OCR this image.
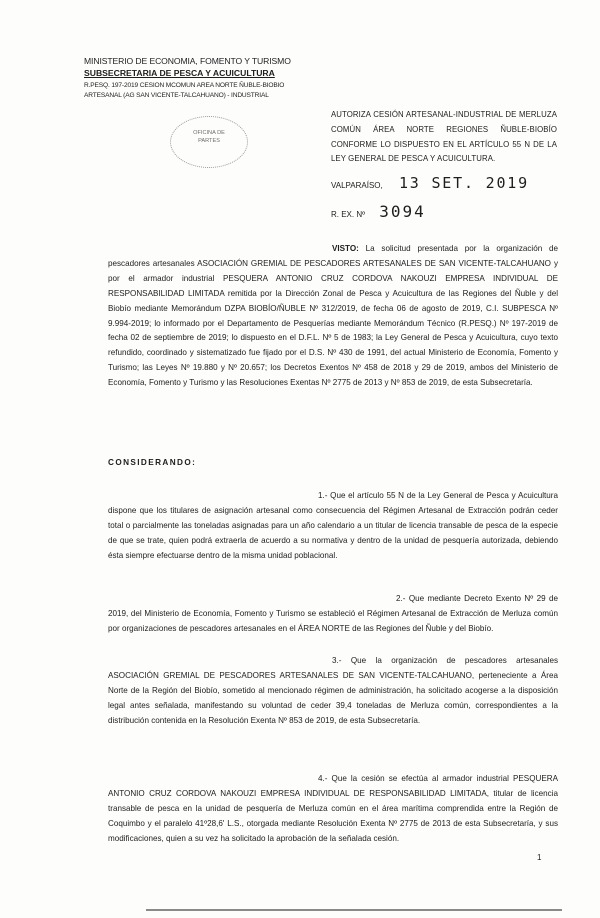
MINISTERIO DE ECONOMIA, FOMENTO Y TURISMO
SUBSECRETARIA DE PESCA Y ACUICULTURA
R.PESQ. 197-2019 CESION MCOMUN AREA NORTE ÑUBLE-BIOBIO
ARTESANAL (AG SAN VICENTE-TALCAHUANO) - INDUSTRIAL
OFICINA DE
PARTES
AUTORIZA CESIÓN ARTESANAL-INDUSTRIAL DE MERLUZA COMÚN ÁREA NORTE REGIONES ÑUBLE-BIOBÍO CONFORME LO DISPUESTO EN EL ARTÍCULO 55 N DE LA LEY GENERAL DE PESCA Y ACUICULTURA.
VALPARAÍSO, 13 SET. 2019
R. EX. Nº 3094
VISTO: La solicitud presentada por la organización de pescadores artesanales ASOCIACIÓN GREMIAL DE PESCADORES ARTESANALES DE SAN VICENTE-TALCAHUANO y por el armador industrial PESQUERA ANTONIO CRUZ CORDOVA NAKOUZI EMPRESA INDIVIDUAL DE RESPONSABILIDAD LIMITADA remitida por la Dirección Zonal de Pesca y Acuicultura de las Regiones del Ñuble y del Biobío mediante Memorándum DZPA BIOBÍO/ÑUBLE Nº 312/2019, de fecha 06 de agosto de 2019, C.I. SUBPESCA Nº 9.994-2019; lo informado por el Departamento de Pesquerías mediante Memorándum Técnico (R.PESQ.) Nº 197-2019 de fecha 02 de septiembre de 2019; lo dispuesto en el D.F.L. Nº 5 de 1983; la Ley General de Pesca y Acuicultura, cuyo texto refundido, coordinado y sistematizado fue fijado por el D.S. Nº 430 de 1991, del actual Ministerio de Economía, Fomento y Turismo; las Leyes Nº 19.880 y Nº 20.657; los Decretos Exentos Nº 458 de 2018 y 29 de 2019, ambos del Ministerio de Economía, Fomento y Turismo y las Resoluciones Exentas Nº 2775 de 2013 y Nº 853 de 2019, de esta Subsecretaría.
CONSIDERANDO:
1.- Que el artículo 55 N de la Ley General de Pesca y Acuicultura dispone que los titulares de asignación artesanal como consecuencia del Régimen Artesanal de Extracción podrán ceder total o parcialmente las toneladas asignadas para un año calendario a un titular de licencia transable de pesca de la especie de que se trate, quien podrá extraerla de acuerdo a su normativa y dentro de la unidad de pesquería autorizada, debiendo ésta siempre efectuarse dentro de la misma unidad poblacional.
2.- Que mediante Decreto Exento Nº 29 de 2019, del Ministerio de Economía, Fomento y Turismo se estableció el Régimen Artesanal de Extracción de Merluza común por organizaciones de pescadores artesanales en el ÁREA NORTE de las Regiones del Ñuble y del Biobío.
3.- Que la organización de pescadores artesanales ASOCIACIÓN GREMIAL DE PESCADORES ARTESANALES DE SAN VICENTE-TALCAHUANO, perteneciente a Área Norte de la Región del Biobío, sometido al mencionado régimen de administración, ha solicitado acogerse a la disposición legal antes señalada, manifestando su voluntad de ceder 39,4 toneladas de Merluza común, correspondientes a la distribución contenida en la Resolución Exenta Nº 853 de 2019, de esta Subsecretaría.
4.- Que la cesión se efectúa al armador industrial PESQUERA ANTONIO CRUZ CORDOVA NAKOUZI EMPRESA INDIVIDUAL DE RESPONSABILIDAD LIMITADA, titular de licencia transable de pesca en la unidad de pesquería de Merluza común en el área marítima comprendida entre la Región de Coquimbo y el paralelo 41º28,6' L.S., otorgada mediante Resolución Exenta Nº 2775 de 2013 de esta Subsecretaría, y sus modificaciones, quien a su vez ha solicitado la aprobación de la señalada cesión.
1
